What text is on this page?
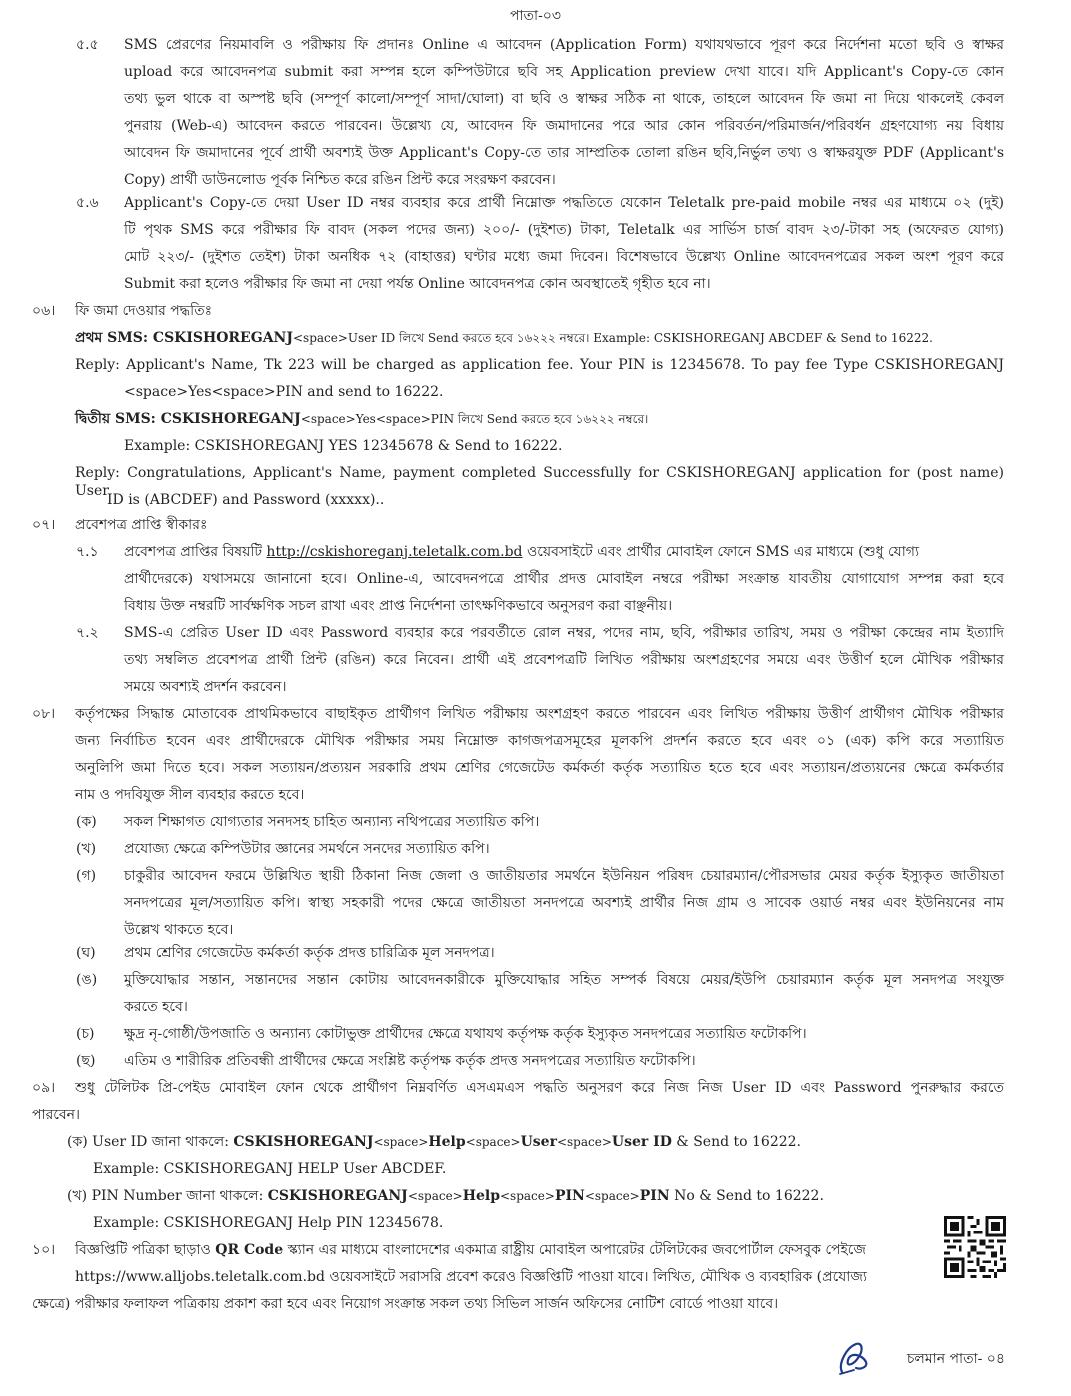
পাতা-০৩
৫.৫ SMS প্রেরণের নিয়মাবলি ও পরীক্ষায় ফি প্রদানঃ Online এ আবেদন (Application Form) যথাযথভাবে পূরণ করে নির্দেশনা মতো ছবি ও স্বাক্ষর
upload করে আবেদনপত্র submit করা সম্পন্ন হলে কম্পিউটারে ছবি সহ Application preview দেখা যাবে। যদি Applicant's Copy-তে কোন
তথ্য ভুল থাকে বা অস্পষ্ট ছবি (সম্পূর্ণ কালো/সম্পূর্ণ সাদা/ঘোলা) বা ছবি ও স্বাক্ষর সঠিক না থাকে, তাহলে আবেদন ফি জমা না দিয়ে থাকলেই কেবল
পুনরায় (Web-এ) আবেদন করতে পারবেন। উল্লেখ্য যে, আবেদন ফি জমাদানের পরে আর কোন পরিবর্তন/পরিমার্জন/পরিবর্ধন গ্রহণযোগ্য নয় বিধায়
আবেদন ফি জমাদানের পূর্বে প্রার্থী অবশ্যই উক্ত Applicant's Copy-তে তার সাম্প্রতিক তোলা রঙিন ছবি,নির্ভুল তথ্য ও স্বাক্ষরযুক্ত PDF (Applicant's
Copy) প্রার্থী ডাউনলোড পূর্বক নিশ্চিত করে রঙিন প্রিন্ট করে সংরক্ষণ করবেন।
৫.৬ Applicant's Copy-তে দেয়া User ID নম্বর ব্যবহার করে প্রার্থী নিম্নোক্ত পদ্ধতিতে যেকোন Teletalk pre-paid mobile নম্বর এর মাধ্যমে ০২ (দুই)
টি পৃথক SMS করে পরীক্ষার ফি বাবদ (সকল পদের জন্য) ২০০/- (দুইশত) টাকা, Teletalk এর সার্ভিস চার্জ বাবদ ২৩/-টাকা সহ (অফেরত যোগ্য)
মোট ২২৩/- (দুইশত তেইশ) টাকা অনধিক ৭২ (বাহাত্তর) ঘণ্টার মধ্যে জমা দিবেন। বিশেষভাবে উল্লেখ্য Online আবেদনপত্রের সকল অংশ পূরণ করে
Submit করা হলেও পরীক্ষার ফি জমা না দেয়া পর্যন্ত Online আবেদনপত্র কোন অবস্থাতেই গৃহীত হবে না।
০৬। ফি জমা দেওয়ার পদ্ধতিঃ
প্রথম SMS: CSKISHOREGANJ<space>User ID লিখে Send করতে হবে ১৬২২২ নম্বরে। Example: CSKISHOREGANJ ABCDEF & Send to 16222.
Reply: Applicant's Name, Tk 223 will be charged as application fee. Your PIN is 12345678. To pay fee Type CSKISHOREGANJ
<space>Yes<space>PIN and send to 16222.
দ্বিতীয় SMS: CSKISHOREGANJ<space>Yes<space>PIN লিখে Send করতে হবে ১৬২২২ নম্বরে।
Example: CSKISHOREGANJ YES 12345678 & Send to 16222.
Reply: Congratulations, Applicant's Name, payment completed Successfully for CSKISHOREGANJ application for (post name) User
ID is (ABCDEF) and Password (xxxxx)..
০৭। প্রবেশপত্র প্রাপ্তি স্বীকারঃ
৭.১ প্রবেশপত্র প্রাপ্তির বিষয়টি http://cskishoreganj.teletalk.com.bd ওয়েবসাইটে এবং প্রার্থীর মোবাইল ফোনে SMS এর মাধ্যমে (শুধু যোগ্য
প্রার্থীদেরকে) যথাসময়ে জানানো হবে। Online-এ, আবেদনপত্রে প্রার্থীর প্রদত্ত মোবাইল নম্বরে পরীক্ষা সংক্রান্ত যাবতীয় যোগাযোগ সম্পন্ন করা হবে
বিধায় উক্ত নম্বরটি সার্বক্ষণিক সচল রাখা এবং প্রাপ্ত নির্দেশনা তাৎক্ষণিকভাবে অনুসরণ করা বাঞ্ছনীয়।
৭.২ SMS-এ প্রেরিত User ID এবং Password ব্যবহার করে পরবর্তীতে রোল নম্বর, পদের নাম, ছবি, পরীক্ষার তারিখ, সময় ও পরীক্ষা কেন্দ্রের নাম ইত্যাদি
তথ্য সম্বলিত প্রবেশপত্র প্রার্থী প্রিন্ট (রঙিন) করে নিবেন। প্রার্থী এই প্রবেশপত্রটি লিখিত পরীক্ষায় অংশগ্রহণের সময়ে এবং উত্তীর্ণ হলে মৌখিক পরীক্ষার
সময়ে অবশ্যই প্রদর্শন করবেন।
০৮। কর্তৃপক্ষের সিদ্ধান্ত মোতাবেক প্রাথমিকভাবে বাছাইকৃত প্রার্থীগণ লিখিত পরীক্ষায় অংশগ্রহণ করতে পারবেন এবং লিখিত পরীক্ষায় উত্তীর্ণ প্রার্থীগণ মৌখিক পরীক্ষার
জন্য নির্বাচিত হবেন এবং প্রার্থীদেরকে মৌখিক পরীক্ষার সময় নিম্নোক্ত কাগজপত্রসমূহের মূলকপি প্রদর্শন করতে হবে এবং ০১ (এক) কপি করে সত্যায়িত
অনুলিপি জমা দিতে হবে। সকল সত্যায়ন/প্রত্যয়ন সরকারি প্রথম শ্রেণির গেজেটেড কর্মকর্তা কর্তৃক সত্যায়িত হতে হবে এবং সত্যায়ন/প্রত্যয়নের ক্ষেত্রে কর্মকর্তার
নাম ও পদবিযুক্ত সীল ব্যবহার করতে হবে।
(ক) সকল শিক্ষাগত যোগ্যতার সনদসহ চাহিত অন্যান্য নথিপত্রের সত্যায়িত কপি।
(খ) প্রযোজ্য ক্ষেত্রে কম্পিউটার জ্ঞানের সমর্থনে সনদের সত্যায়িত কপি।
(গ) চাকুরীর আবেদন ফরমে উল্লিখিত স্থায়ী ঠিকানা নিজ জেলা ও জাতীয়তার সমর্থনে ইউনিয়ন পরিষদ চেয়ারম্যান/পৌরসভার মেয়র কর্তৃক ইস্যুকৃত জাতীয়তা
সনদপত্রের মূল/সত্যায়িত কপি। স্বাস্থ্য সহকারী পদের ক্ষেত্রে জাতীয়তা সনদপত্রে অবশ্যই প্রার্থীর নিজ গ্রাম ও সাবেক ওয়ার্ড নম্বর এবং ইউনিয়নের নাম
উল্লেখ থাকতে হবে।
(ঘ) প্রথম শ্রেণির গেজেটেড কর্মকর্তা কর্তৃক প্রদত্ত চারিত্রিক মূল সনদপত্র।
(ঙ) মুক্তিযোদ্ধার সন্তান, সন্তানদের সন্তান কোটায় আবেদনকারীকে মুক্তিযোদ্ধার সহিত সম্পর্ক বিষয়ে মেয়র/ইউপি চেয়ারম্যান কর্তৃক মূল সনদপত্র সংযুক্ত
করতে হবে।
(চ) ক্ষুদ্র নৃ-গোষ্ঠী/উপজাতি ও অন্যান্য কোটাভুক্ত প্রার্থীদের ক্ষেত্রে যথাযথ কর্তৃপক্ষ কর্তৃক ইস্যুকৃত সনদপত্রের সত্যায়িত ফটোকপি।
(ছ) এতিম ও শারীরিক প্রতিবন্ধী প্রার্থীদের ক্ষেত্রে সংশ্লিষ্ট কর্তৃপক্ষ কর্তৃক প্রদত্ত সনদপত্রের সত্যায়িত ফটোকপি।
০৯। শুধু টেলিটক প্রি-পেইড মোবাইল ফোন থেকে প্রার্থীগণ নিম্নবর্ণিত এসএমএস পদ্ধতি অনুসরণ করে নিজ নিজ User ID এবং Password পুনরুদ্ধার করতে
পারবেন।
(ক) User ID জানা থাকলে: CSKISHOREGANJ<space>Help<space>User<space>User ID & Send to 16222.
Example: CSKISHOREGANJ HELP User ABCDEF.
(খ) PIN Number জানা থাকলে: CSKISHOREGANJ<space>Help<space>PIN<space>PIN No & Send to 16222.
Example: CSKISHOREGANJ Help PIN 12345678.
১০। বিজ্ঞপ্তিটি পত্রিকা ছাড়াও QR Code স্ক্যান এর মাধ্যমে বাংলাদেশের একমাত্র রাষ্ট্রীয় মোবাইল অপারেটর টেলিটকের জবপোর্টাল ফেসবুক পেইজে
https://www.alljobs.teletalk.com.bd ওয়েবসাইটে সরাসরি প্রবেশ করেও বিজ্ঞপ্তিটি পাওয়া যাবে। লিখিত, মৌখিক ও ব্যবহারিক (প্রযোজ্য
ক্ষেত্রে) পরীক্ষার ফলাফল পত্রিকায় প্রকাশ করা হবে এবং নিয়োগ সংক্রান্ত সকল তথ্য সিভিল সার্জন অফিসের নোটিশ বোর্ডে পাওয়া যাবে।
চলমান পাতা- ০৪
